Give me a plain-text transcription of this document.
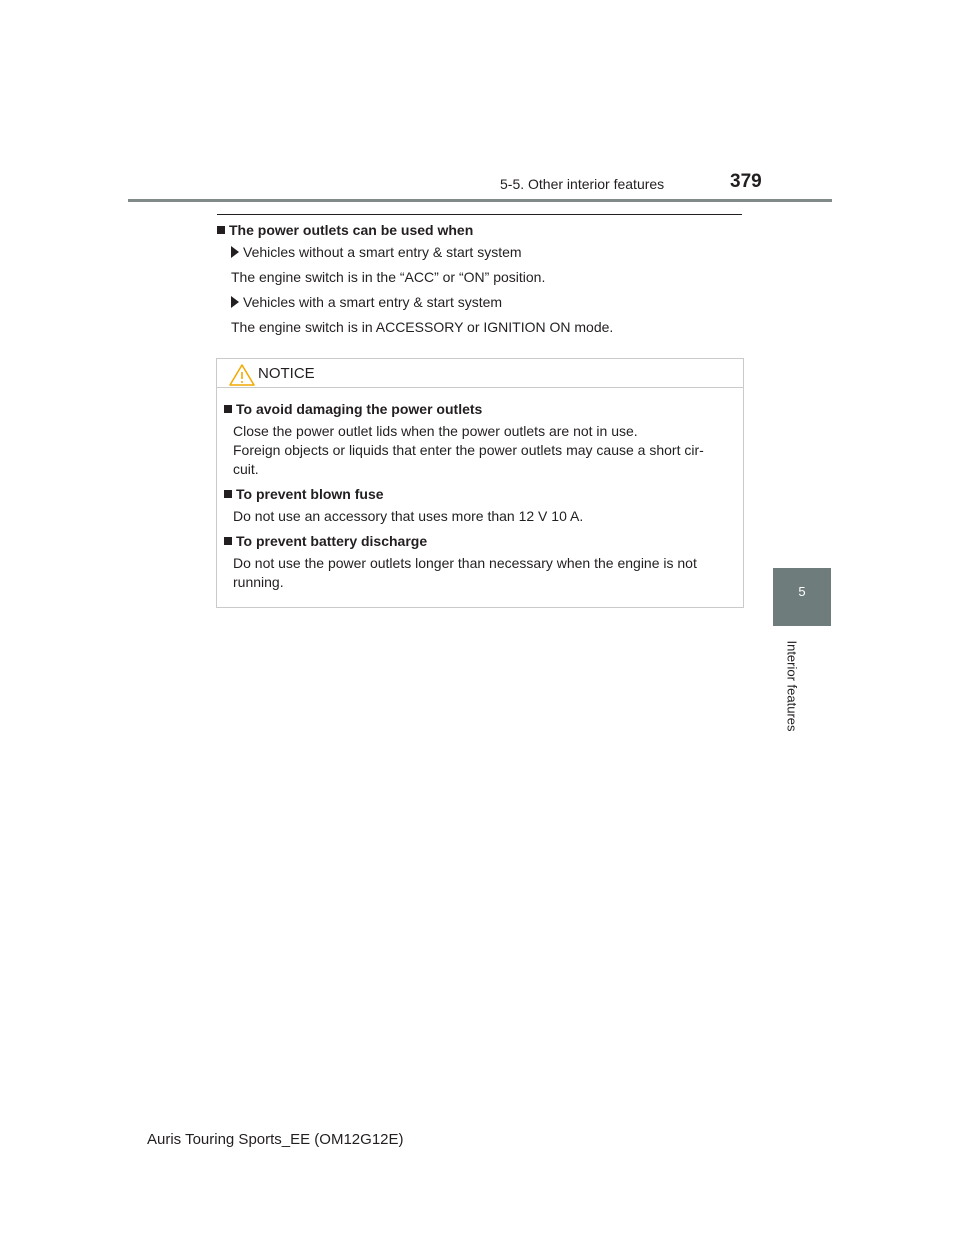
5-5. Other interior features	379
5
Interior features
The power outlets can be used when
Vehicles without a smart entry & start system
The engine switch is in the “ACC” or “ON” position.
Vehicles with a smart entry & start system
The engine switch is in ACCESSORY or IGNITION ON mode.
NOTICE
To avoid damaging the power outlets
Close the power outlet lids when the power outlets are not in use.
Foreign objects or liquids that enter the power outlets may cause a short cir-
cuit.
To prevent blown fuse
Do not use an accessory that uses more than 12 V 10 A.
To prevent battery discharge
Do not use the power outlets longer than necessary when the engine is not
running.
Auris Touring Sports_EE (OM12G12E)
